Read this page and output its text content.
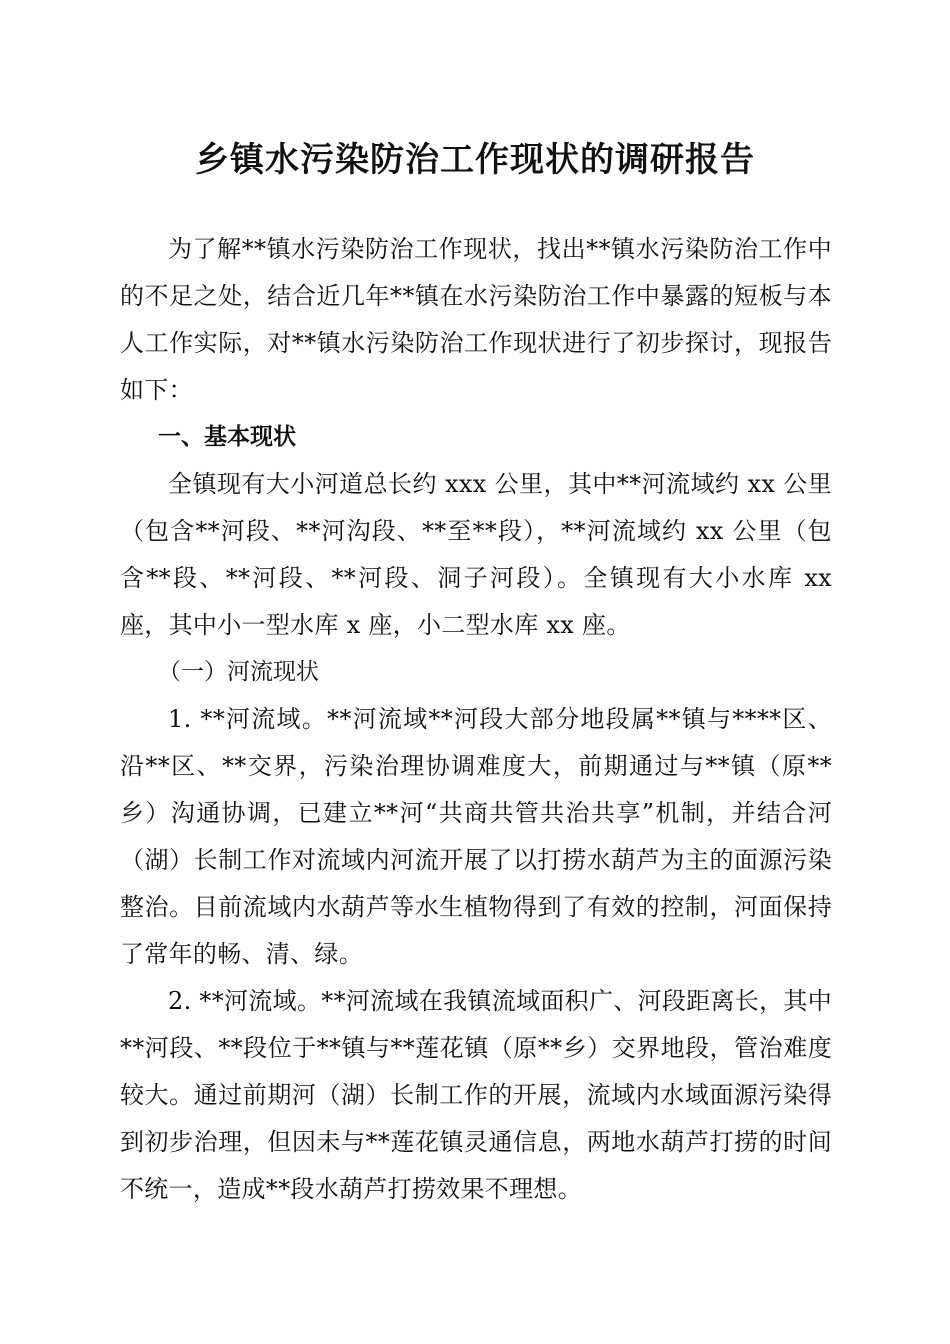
乡镇水污染防治工作现状的调研报告

为了解**镇水污染防治工作现状，找出**镇水污染防治工作中的不足之处，结合近几年**镇在水污染防治工作中暴露的短板与本人工作实际，对**镇水污染防治工作现状进行了初步探讨，现报告如下：

一、基本现状

全镇现有大小河道总长约 xxx 公里，其中**河流域约 xx 公里（包含**河段、**河沟段、**至**段），**河流域约 xx 公里（包含**段、**河段、**河段、洞子河段）。全镇现有大小水库 xx 座，其中小一型水库 x 座，小二型水库 xx 座。

（一）河流现状

1. **河流域。**河流域**河段大部分地段属**镇与****区、沿**区、**交界，污染治理协调难度大，前期通过与**镇（原**乡）沟通协调，已建立**河“共商共管共治共享”机制，并结合河（湖）长制工作对流域内河流开展了以打捞水葫芦为主的面源污染整治。目前流域内水葫芦等水生植物得到了有效的控制，河面保持了常年的畅、清、绿。

2. **河流域。**河流域在我镇流域面积广、河段距离长，其中**河段、**段位于**镇与**莲花镇（原**乡）交界地段，管治难度较大。通过前期河（湖）长制工作的开展，流域内水域面源污染得到初步治理，但因未与**莲花镇灵通信息，两地水葫芦打捞的时间不统一，造成**段水葫芦打捞效果不理想。
